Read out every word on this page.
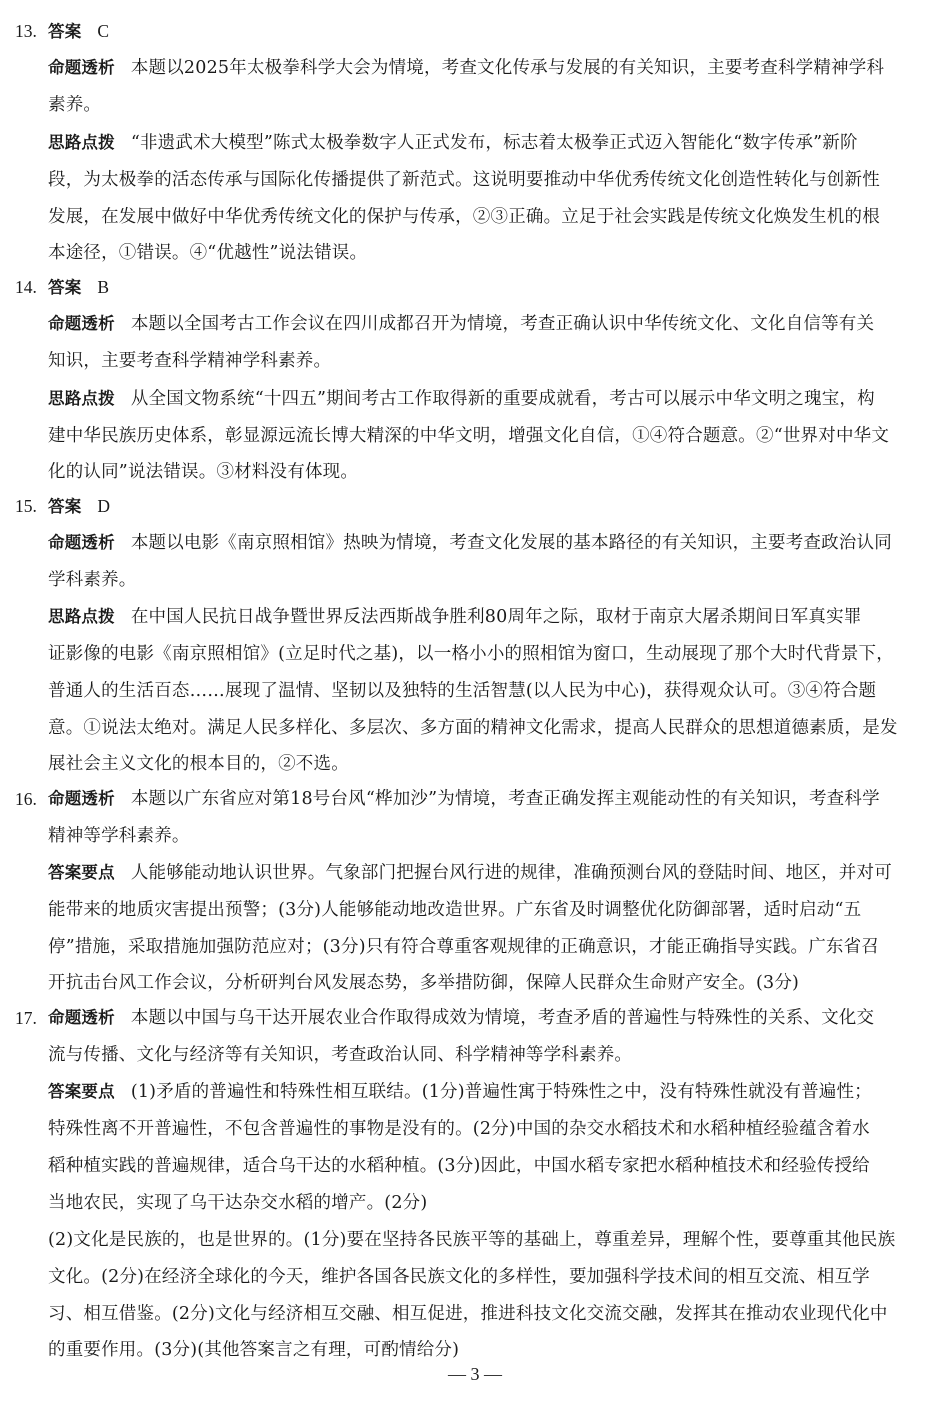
13. 答案 C
命题透析 本题以2025年太极拳科学大会为情境，考查文化传承与发展的有关知识，主要考查科学精神学科
素养。
思路点拨 “非遗武术大模型”陈式太极拳数字人正式发布，标志着太极拳正式迈入智能化“数字传承”新阶
段，为太极拳的活态传承与国际化传播提供了新范式。这说明要推动中华优秀传统文化创造性转化与创新性
发展，在发展中做好中华优秀传统文化的保护与传承，②③正确。立足于社会实践是传统文化焕发生机的根
本途径，①错误。④“优越性”说法错误。
14. 答案 B
命题透析 本题以全国考古工作会议在四川成都召开为情境，考查正确认识中华传统文化、文化自信等有关
知识，主要考查科学精神学科素养。
思路点拨 从全国文物系统“十四五”期间考古工作取得新的重要成就看，考古可以展示中华文明之瑰宝，构
建中华民族历史体系，彰显源远流长博大精深的中华文明，增强文化自信，①④符合题意。②“世界对中华文
化的认同”说法错误。③材料没有体现。
15. 答案 D
命题透析 本题以电影《南京照相馆》热映为情境，考查文化发展的基本路径的有关知识，主要考查政治认同
学科素养。
思路点拨 在中国人民抗日战争暨世界反法西斯战争胜利80周年之际，取材于南京大屠杀期间日军真实罪
证影像的电影《南京照相馆》(立足时代之基)，以一格小小的照相馆为窗口，生动展现了那个大时代背景下，
普通人的生活百态……展现了温情、坚韧以及独特的生活智慧(以人民为中心)，获得观众认可。③④符合题
意。①说法太绝对。满足人民多样化、多层次、多方面的精神文化需求，提高人民群众的思想道德素质，是发
展社会主义文化的根本目的，②不选。
16. 命题透析 本题以广东省应对第18号台风“桦加沙”为情境，考查正确发挥主观能动性的有关知识，考查科学
精神等学科素养。
答案要点 人能够能动地认识世界。气象部门把握台风行进的规律，准确预测台风的登陆时间、地区，并对可
能带来的地质灾害提出预警；(3分)人能够能动地改造世界。广东省及时调整优化防御部署，适时启动“五
停”措施，采取措施加强防范应对；(3分)只有符合尊重客观规律的正确意识，才能正确指导实践。广东省召
开抗击台风工作会议，分析研判台风发展态势，多举措防御，保障人民群众生命财产安全。(3分)
17. 命题透析 本题以中国与乌干达开展农业合作取得成效为情境，考查矛盾的普遍性与特殊性的关系、文化交
流与传播、文化与经济等有关知识，考查政治认同、科学精神等学科素养。
答案要点 (1)矛盾的普遍性和特殊性相互联结。(1分)普遍性寓于特殊性之中，没有特殊性就没有普遍性；
特殊性离不开普遍性，不包含普遍性的事物是没有的。(2分)中国的杂交水稻技术和水稻种植经验蕴含着水
稻种植实践的普遍规律，适合乌干达的水稻种植。(3分)因此，中国水稻专家把水稻种植技术和经验传授给
当地农民，实现了乌干达杂交水稻的增产。(2分)
(2)文化是民族的，也是世界的。(1分)要在坚持各民族平等的基础上，尊重差异，理解个性，要尊重其他民族
文化。(2分)在经济全球化的今天，维护各国各民族文化的多样性，要加强科学技术间的相互交流、相互学
习、相互借鉴。(2分)文化与经济相互交融、相互促进，推进科技文化交流交融，发挥其在推动农业现代化中
的重要作用。(3分)(其他答案言之有理，可酌情给分)
— 3 —
